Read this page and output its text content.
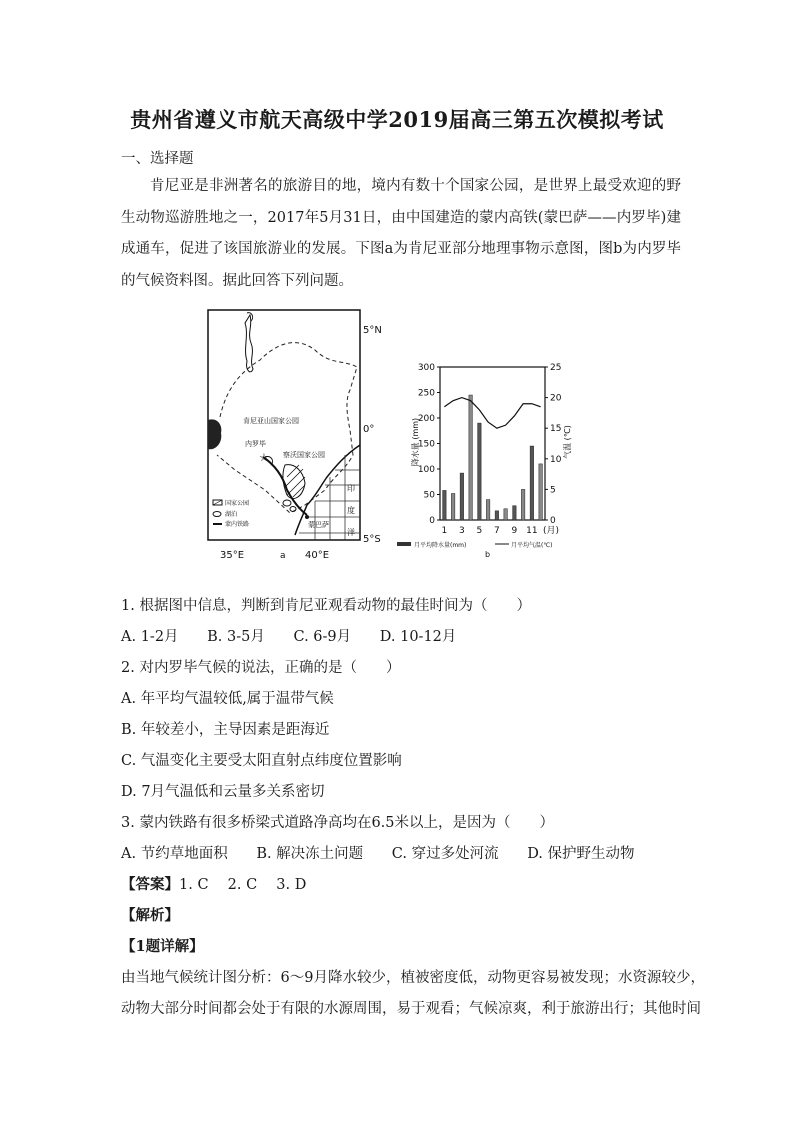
贵州省遵义市航天高级中学2019届高三第五次模拟考试
一、选择题
肯尼亚是非洲著名的旅游目的地，境内有数十个国家公园，是世界上最受欢迎的野生动物巡游胜地之一，2017年5月31日，由中国建造的蒙内高铁(蒙巴萨——内罗毕)建成通车，促进了该国旅游业的发展。下图a为肯尼亚部分地理事物示意图，图b为内罗毕的气候资料图。据此回答下列问题。
☆
5°N
0°
5°S
35°E	40°E
a
肯尼亚山国家公园
察沃国家公园
内罗毕
蒙巴萨
印
度
洋
国家公园
湖泊
蒙内铁路	0
50
100
150
200
250
300
0
5
10
15
20
25
1 3 5 7 9 11 (月)
降水量 (mm)	气温 (℃)
月平均降水量(mm)	月平均气温(℃)
b
1. 根据图中信息，判断到肯尼亚观看动物的最佳时间为（　　）
A. 1-2月 B. 3-5月 C. 6-9月 D. 10-12月
2. 对内罗毕气候的说法，正确的是（　　）
A. 年平均气温较低,属于温带气候
B. 年较差小，主导因素是距海近
C. 气温变化主要受太阳直射点纬度位置影响
D. 7月气温低和云量多关系密切
3. 蒙内铁路有很多桥梁式道路净高均在6.5米以上，是因为（　　）
A. 节约草地面积 B. 解决冻土问题 C. 穿过多处河流 D. 保护野生动物
【答案】1. C　 2. C　 3. D
【解析】
【1题详解】
由当地气候统计图分析：6～9月降水较少，植被密度低，动物更容易被发现；水资源较少，
动物大部分时间都会处于有限的水源周围，易于观看；气候凉爽，利于旅游出行；其他时间
